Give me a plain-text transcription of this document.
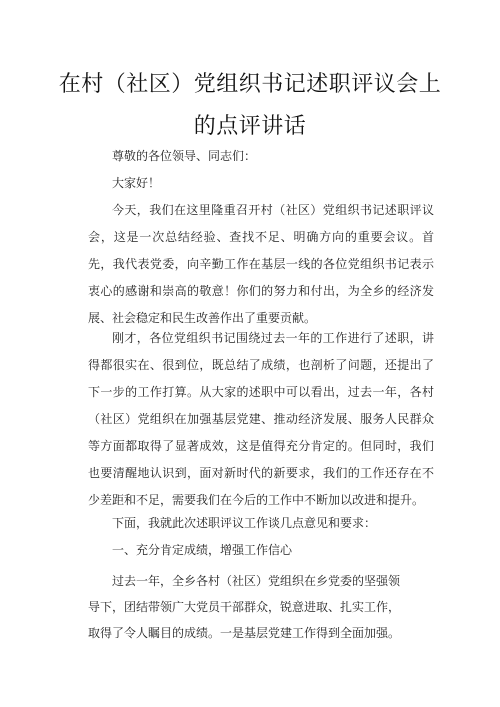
在村（社区）党组织书记述职评议会上
的点评讲话
尊敬的各位领导、同志们：
大家好！
今天，我们在这里隆重召开村（社区）党组织书记述职评议会，这是一次总结经验、查找不足、明确方向的重要会议。首先，我代表党委，向辛勤工作在基层一线的各位党组织书记表示衷心的感谢和崇高的敬意！你们的努力和付出，为全乡的经济发展、社会稳定和民生改善作出了重要贡献。
刚才，各位党组织书记围绕过去一年的工作进行了述职，讲得都很实在、很到位，既总结了成绩，也剖析了问题，还提出了下一步的工作打算。从大家的述职中可以看出，过去一年，各村（社区）党组织在加强基层党建、推动经济发展、服务人民群众等方面都取得了显著成效，这是值得充分肯定的。但同时，我们也要清醒地认识到，面对新时代的新要求，我们的工作还存在不少差距和不足，需要我们在今后的工作中不断加以改进和提升。
下面，我就此次述职评议工作谈几点意见和要求：
一、充分肯定成绩，增强工作信心
过去一年，全乡各村（社区）党组织在乡党委的坚强领
导下，团结带领广大党员干部群众，锐意进取、扎实工作，
取得了令人瞩目的成绩。一是基层党建工作得到全面加强。
